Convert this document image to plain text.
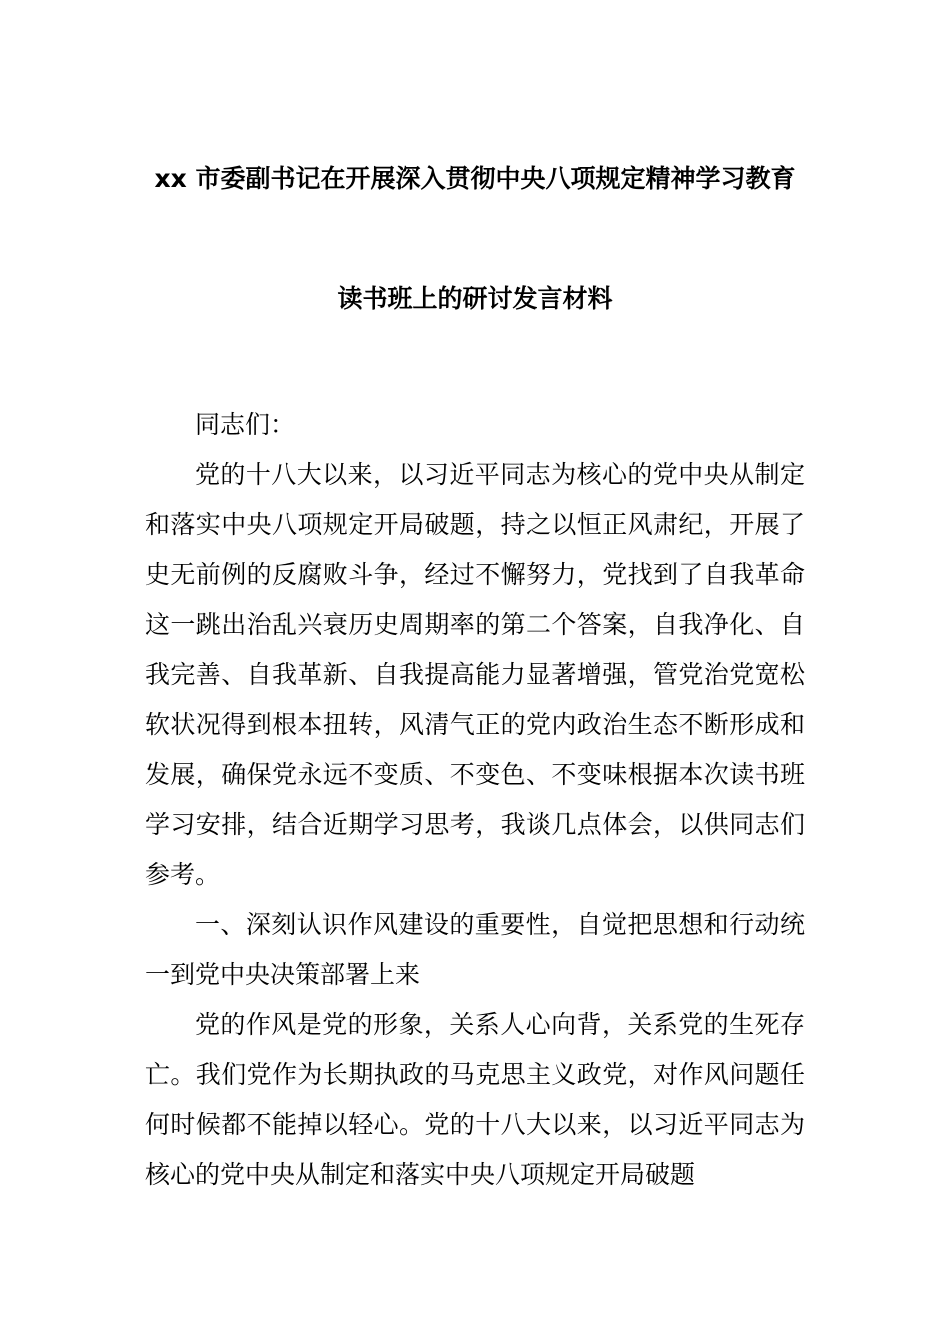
xx 市委副书记在开展深入贯彻中央八项规定精神学习教育
读书班上的研讨发言材料

同志们：

党的十八大以来，以习近平同志为核心的党中央从制定和落实中央八项规定开局破题，持之以恒正风肃纪，开展了史无前例的反腐败斗争，经过不懈努力，党找到了自我革命这一跳出治乱兴衰历史周期率的第二个答案，自我净化、自我完善、自我革新、自我提高能力显著增强，管党治党宽松软状况得到根本扭转，风清气正的党内政治生态不断形成和发展，确保党永远不变质、不变色、不变味根据本次读书班学习安排，结合近期学习思考，我谈几点体会，以供同志们参考。

一、深刻认识作风建设的重要性，自觉把思想和行动统一到党中央决策部署上来

党的作风是党的形象，关系人心向背，关系党的生死存亡。我们党作为长期执政的马克思主义政党，对作风问题任何时候都不能掉以轻心。党的十八大以来，以习近平同志为核心的党中央从制定和落实中央八项规定开局破题
